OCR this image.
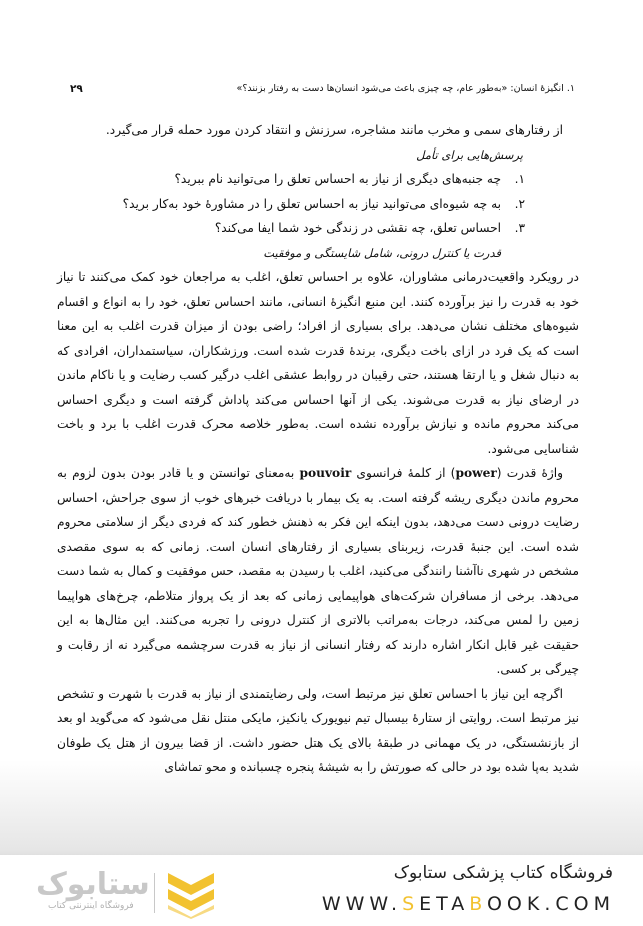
۱. انگیزهٔ انسان: «به‌طور عام، چه چیزی باعث می‌شود انسان‌ها دست به رفتار بزنند؟»
۲۹

از رفتارهای سمی و مخرب مانند مشاجره، سرزنش و انتقاد کردن مورد حمله قرار می‌گیرد.

پرسش‌هایی برای تأمل

۱.
چه جنبه‌های دیگری از نیاز به احساس تعلق را می‌توانید نام ببرید؟
۲.
به چه شیوه‌ای می‌توانید نیاز به احساس تعلق را در مشاورهٔ خود به‌کار برید؟
۳.
احساس تعلق، چه نقشی در زندگی خود شما ایفا می‌کند؟

قدرت یا کنترل درونی، شامل شایستگی و موفقیت

در رویکرد واقعیت‌درمانی مشاوران، علاوه بر احساس تعلق، اغلب به مراجعان خود کمک می‌کنند تا نیاز خود به قدرت را نیز برآورده کنند. این منبع انگیزهٔ انسانی، مانند احساس تعلق، خود را به انواع و اقسام شیوه‌های مختلف نشان می‌دهد. برای بسیاری از افراد؛ راضی بودن از میزان قدرت اغلب به این معنا است که یک فرد در ازای باخت دیگری، برندهٔ قدرت شده است. ورزشکاران، سیاستمداران، افرادی که به دنبال شغل و یا ارتقا هستند، حتی رقیبان در روابط عشقی اغلب درگیر کسب رضایت و یا ناکام ماندن در ارضای نیاز به قدرت می‌شوند. یکی از آنها احساس می‌کند پاداش گرفته است و دیگری احساس می‌کند محروم مانده و نیازش برآورده نشده است. به‌طور خلاصه محرک قدرت اغلب با برد و باخت شناسایی می‌شود.

واژهٔ قدرت (power) از کلمهٔ فرانسوی pouvoir به‌معنای توانستن و یا قادر بودن بدون لزوم به محروم ماندن دیگری ریشه گرفته است. به یک بیمار با دریافت خبرهای خوب از سوی جراحش، احساس رضایت درونی دست می‌دهد، بدون اینکه این فکر به ذهنش خطور کند که فردی دیگر از سلامتی محروم شده است. این جنبهٔ قدرت، زیربنای بسیاری از رفتارهای انسان است. زمانی که به سوی مقصدی مشخص در شهری ناآشنا رانندگی می‌کنید، اغلب با رسیدن به مقصد، حس موفقیت و کمال به شما دست می‌دهد. برخی از مسافران شرکت‌های هواپیمایی زمانی که بعد از یک پرواز متلاطم، چرخ‌های هواپیما زمین را لمس می‌کند، درجات به‌مراتب بالاتری از کنترل درونی را تجربه می‌کنند. این مثال‌ها به این حقیقت غیر قابل انکار اشاره دارند که رفتار انسانی از نیاز به قدرت سرچشمه می‌گیرد نه از رقابت و چیرگی بر کسی.

اگرچه این نیاز با احساس تعلق نیز مرتبط است، ولی رضایتمندی از نیاز به قدرت با شهرت و تشخص نیز مرتبط است. روایتی از ستارهٔ بیسبال تیم نیویورک یانکیز، مایکی منتل نقل می‌شود که می‌گوید او بعد از بازنشستگی، در یک مهمانی در طبقهٔ بالای یک هتل حضور داشت. از قضا بیرون از هتل یک طوفان شدید به‌پا شده بود در حالی که صورتش را به شیشهٔ پنجره چسبانده و محو تماشای

ستابوک
فروشگاه اینترنتی کتاب
فروشگاه کتاب پزشکی ستابوک
WWW.SETABOOK.COM
